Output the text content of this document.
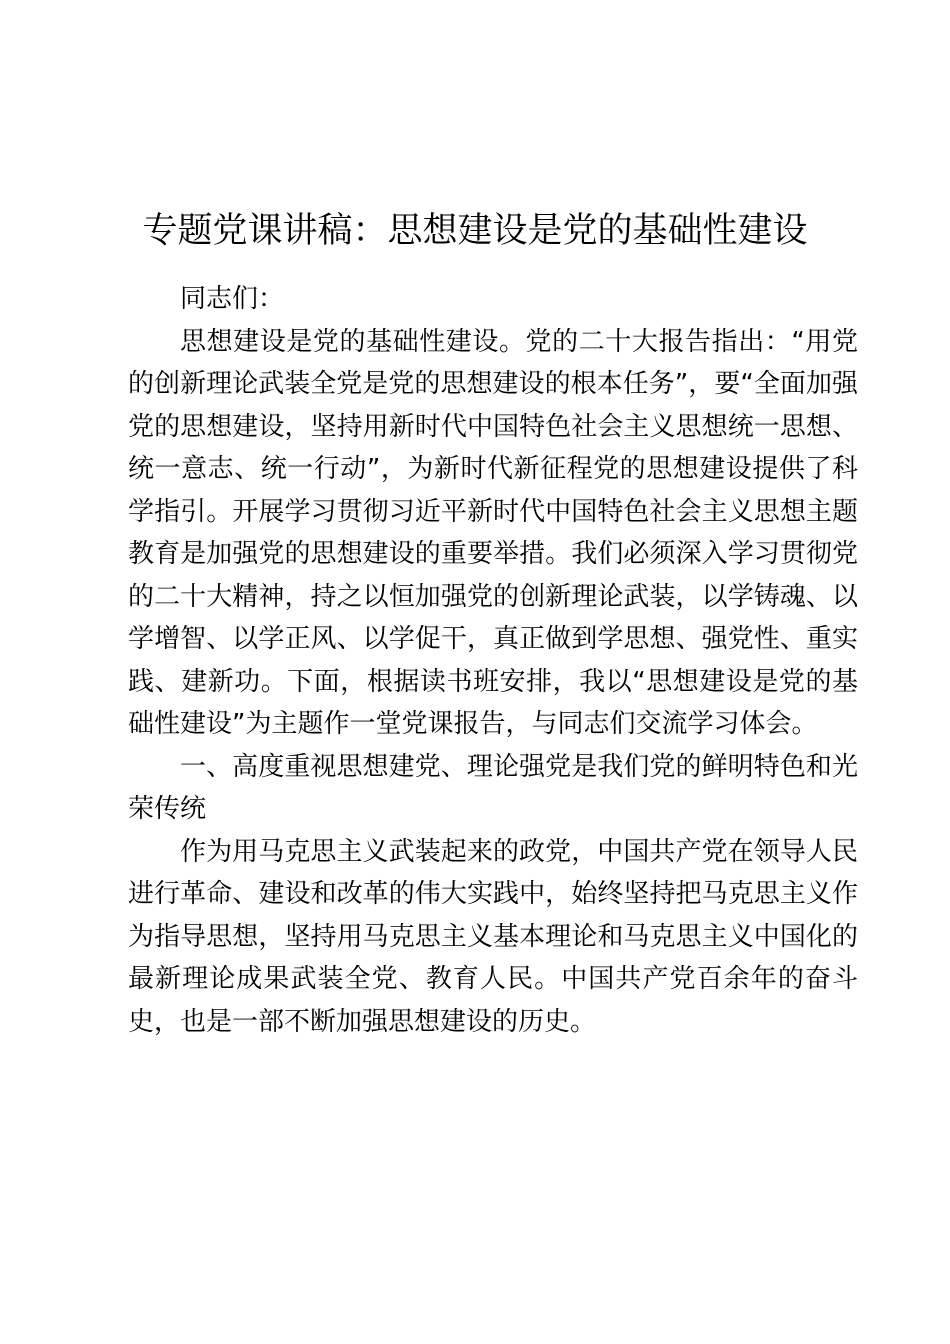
专题党课讲稿：思想建设是党的基础性建设

同志们：

思想建设是党的基础性建设。党的二十大报告指出：“用党的创新理论武装全党是党的思想建设的根本任务”，要“全面加强党的思想建设，坚持用新时代中国特色社会主义思想统一思想、统一意志、统一行动”，为新时代新征程党的思想建设提供了科学指引。开展学习贯彻习近平新时代中国特色社会主义思想主题教育是加强党的思想建设的重要举措。我们必须深入学习贯彻党的二十大精神，持之以恒加强党的创新理论武装，以学铸魂、以学增智、以学正风、以学促干，真正做到学思想、强党性、重实践、建新功。下面，根据读书班安排，我以“思想建设是党的基础性建设”为主题作一堂党课报告，与同志们交流学习体会。

一、高度重视思想建党、理论强党是我们党的鲜明特色和光荣传统

作为用马克思主义武装起来的政党，中国共产党在领导人民进行革命、建设和改革的伟大实践中，始终坚持把马克思主义作为指导思想，坚持用马克思主义基本理论和马克思主义中国化的最新理论成果武装全党、教育人民。中国共产党百余年的奋斗史，也是一部不断加强思想建设的历史。
